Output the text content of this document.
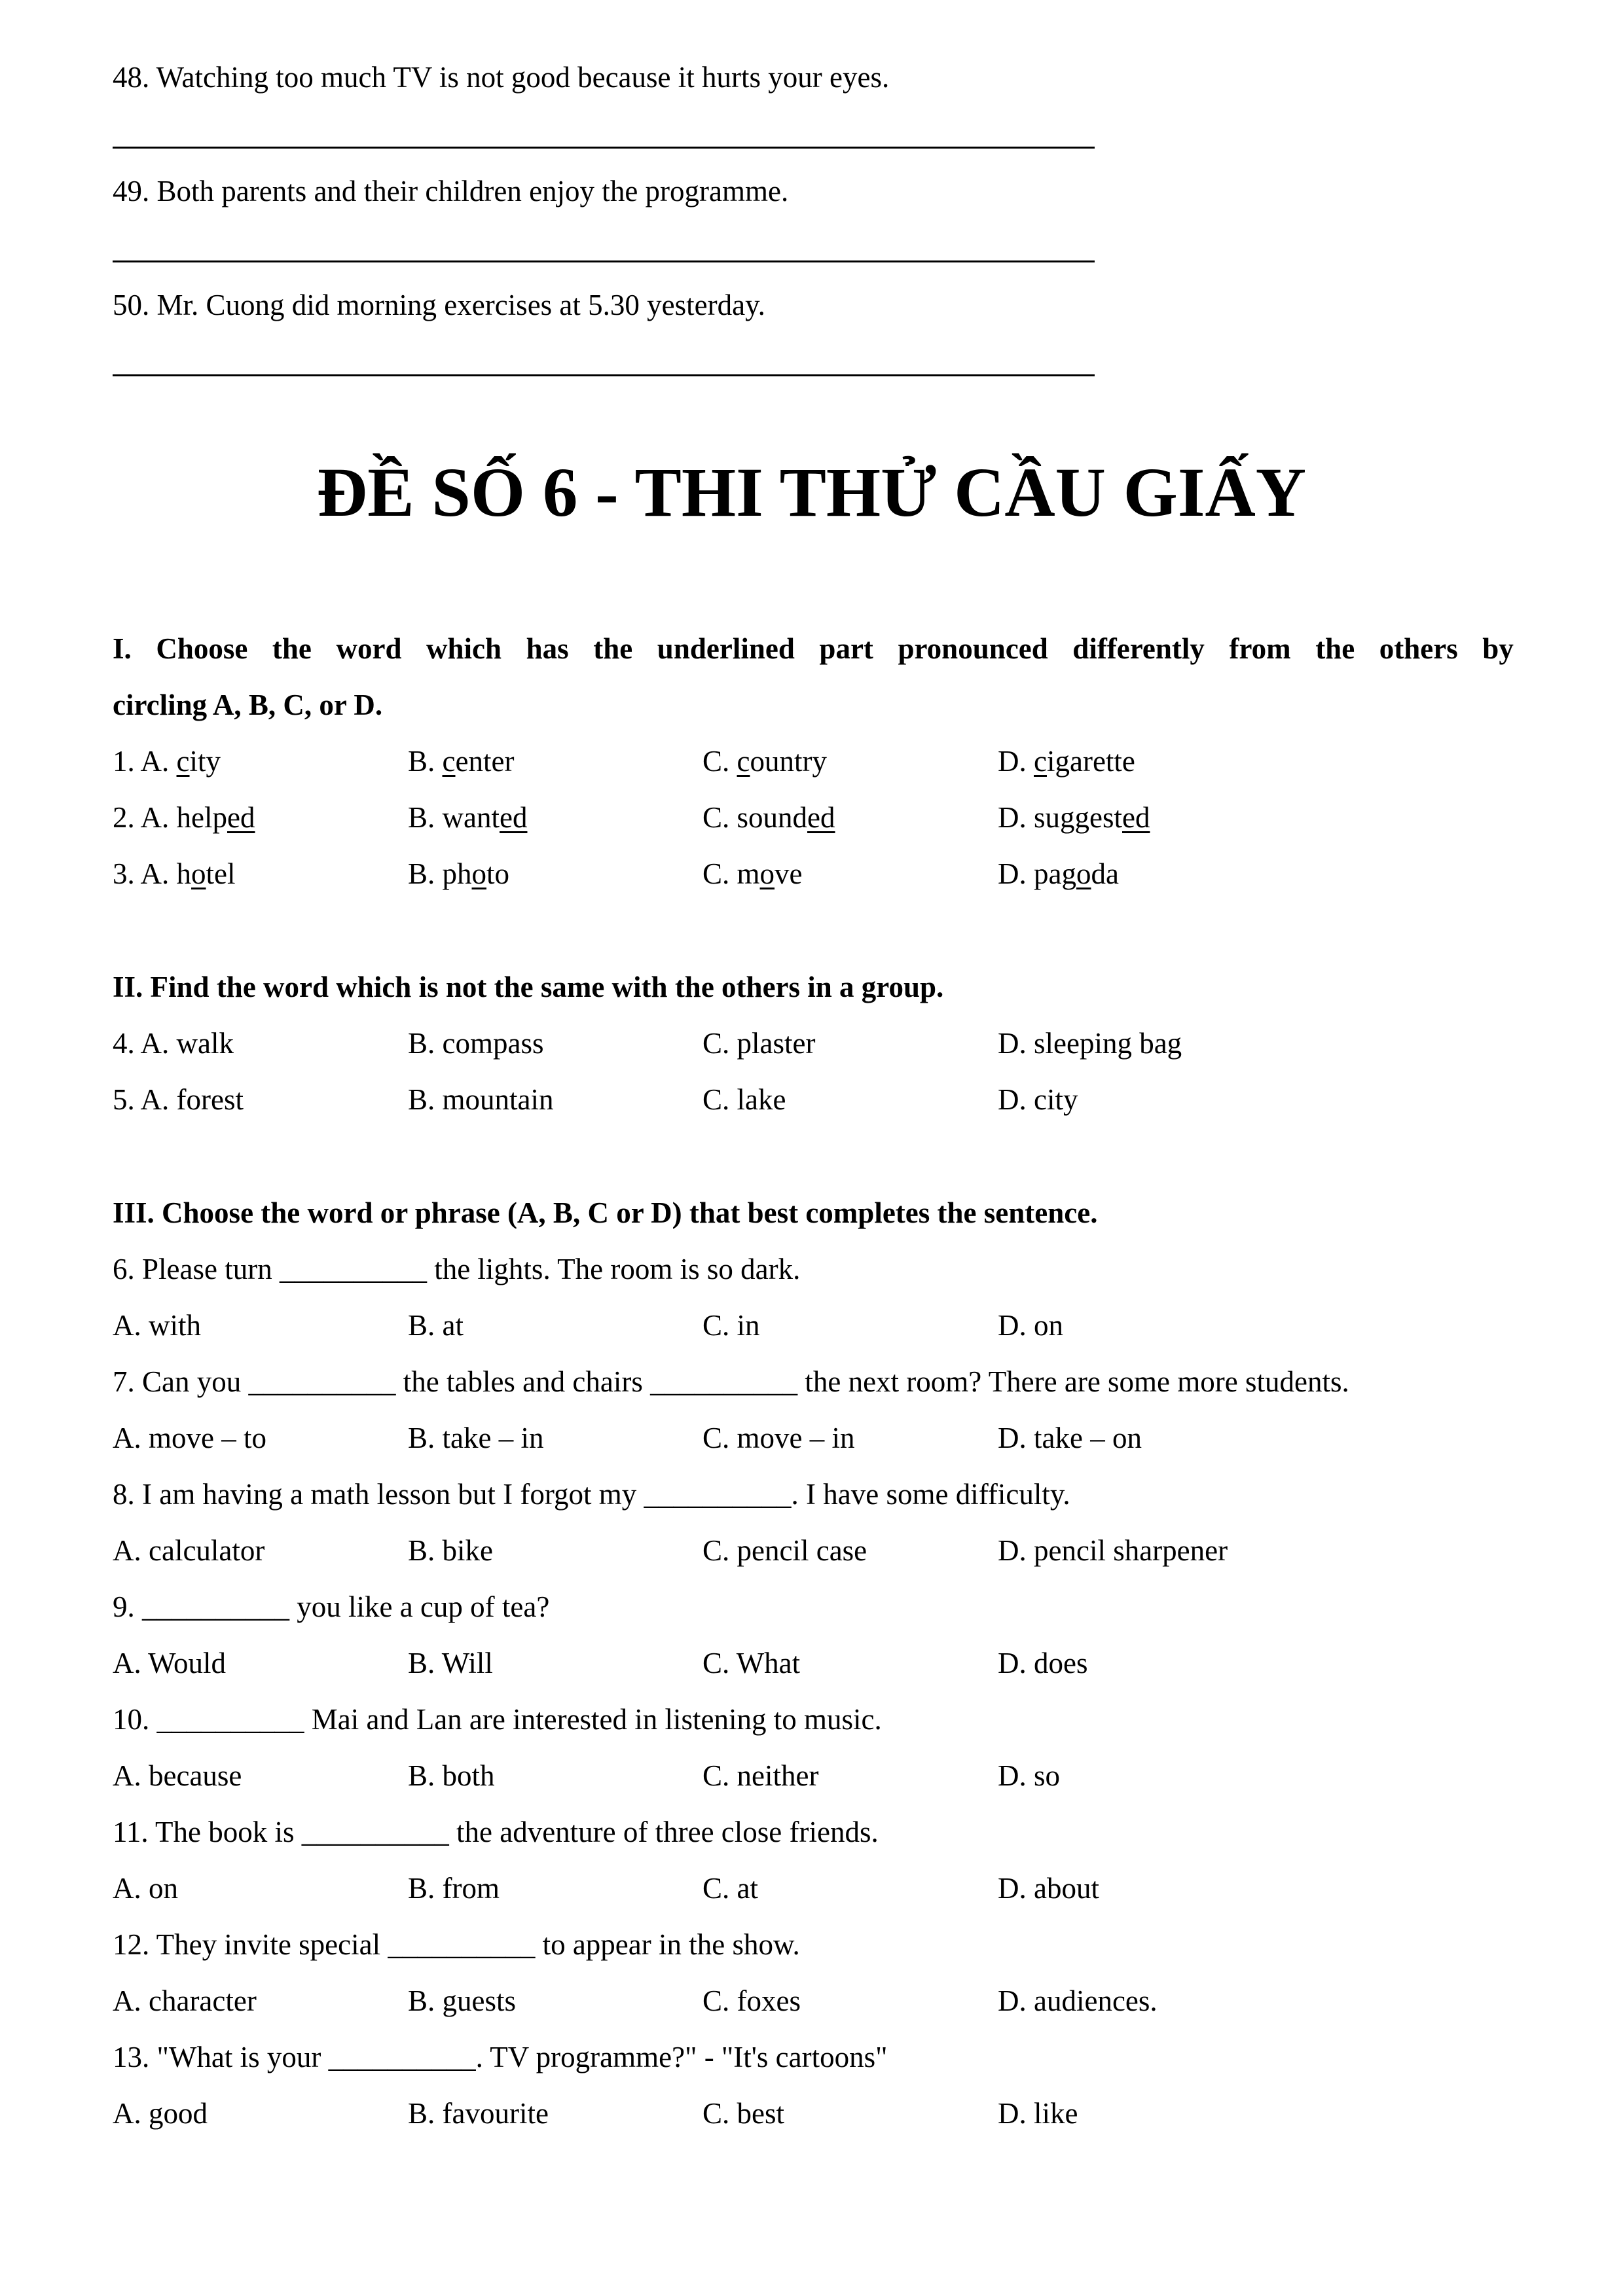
48. Watching too much TV is not good because it hurts your eyes.
49. Both parents and their children enjoy the programme.
50. Mr. Cuong did morning exercises at 5.30 yesterday.
ĐỀ SỐ 6 - THI THỬ CẦU GIẤY
I. Choose the word which has the underlined part pronounced differently from the others by
circling A, B, C, or D.
1. A. city	B. center	C. country	D. cigarette
2. A. helped	B. wanted	C. sounded	D. suggested
3. A. hotel	B. photo	C. move	D. pagoda
II. Find the word which is not the same with the others in a group.
4. A. walk	B. compass	C. plaster	D. sleeping bag
5. A. forest	B. mountain	C. lake	D. city
III. Choose the word or phrase (A, B, C or D) that best completes the sentence.
6. Please turn __________ the lights. The room is so dark.
A. with	B. at	C. in	D. on
7. Can you __________ the tables and chairs __________ the next room? There are some more students.
A. move – to	B. take – in	C. move – in	D. take – on
8. I am having a math lesson but I forgot my __________. I have some difficulty.
A. calculator	B. bike	C. pencil case	D. pencil sharpener
9. __________ you like a cup of tea?
A. Would	B. Will	C. What	D. does
10. __________ Mai and Lan are interested in listening to music.
A. because	B. both	C. neither	D. so
11. The book is __________ the adventure of three close friends.
A. on	B. from	C. at	D. about
12. They invite special __________ to appear in the show.
A. character	B. guests	C. foxes	D. audiences.
13. "What is your __________. TV programme?" - "It's cartoons"
A. good	B. favourite	C. best	D. like
